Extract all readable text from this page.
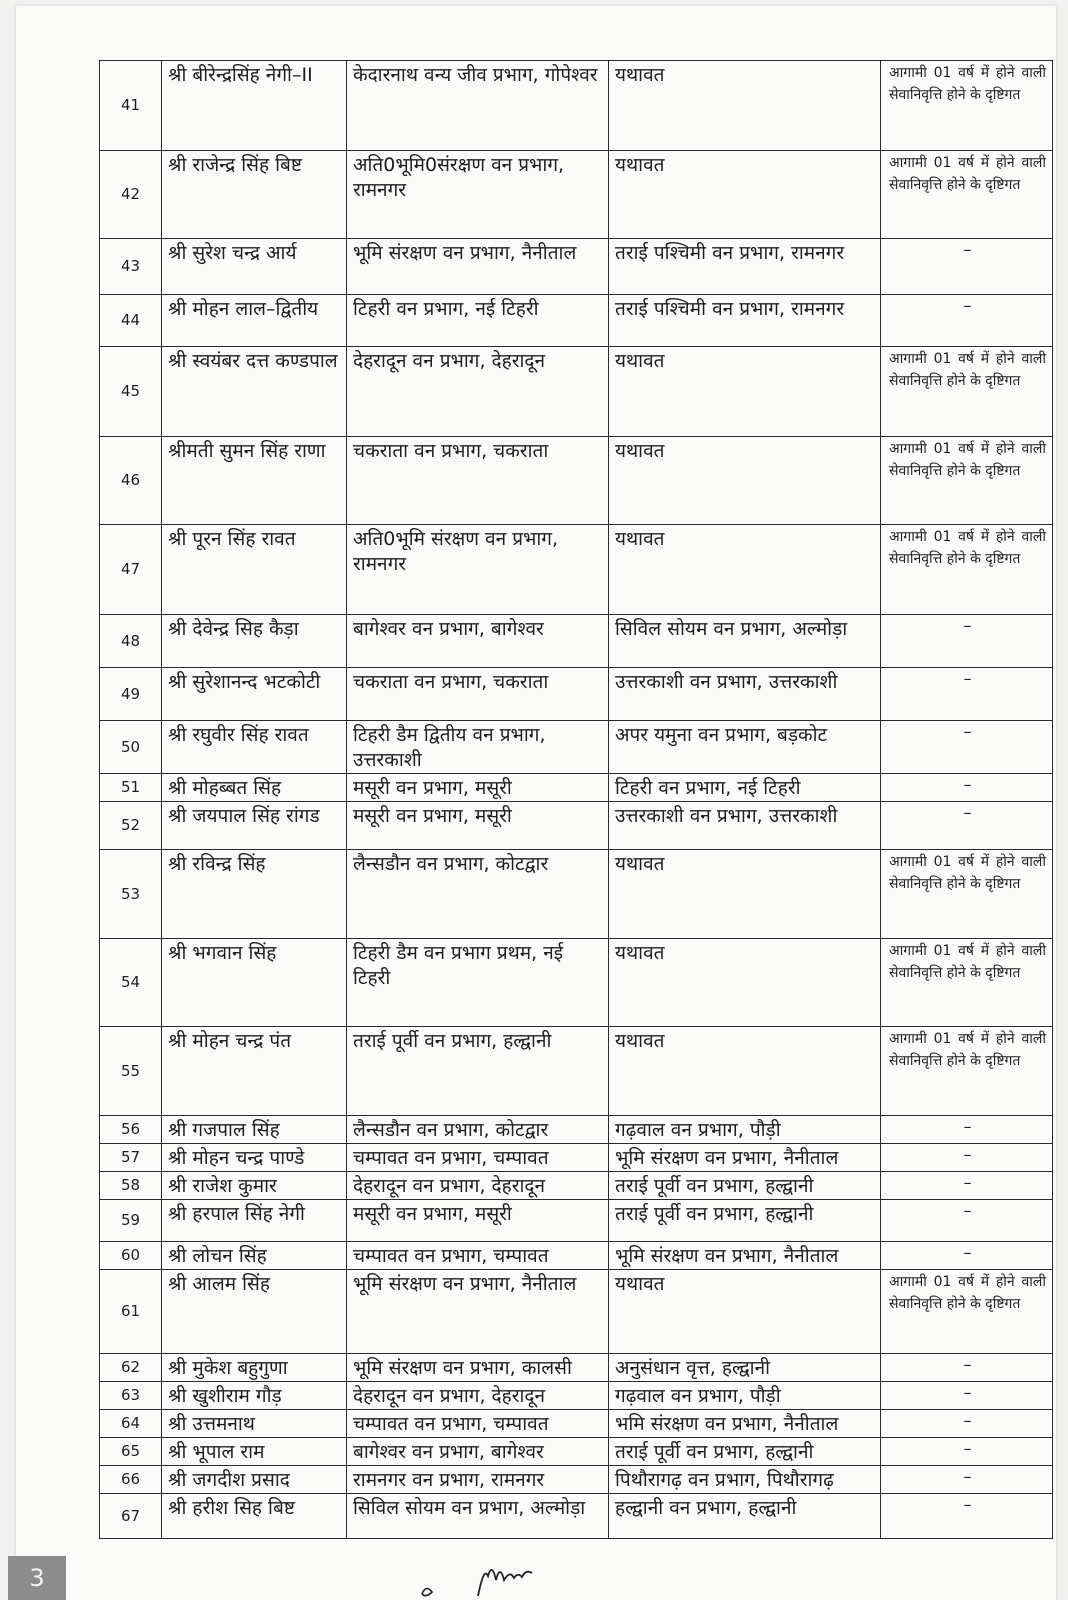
41	श्री बीरेन्द्रसिंह नेगी–II	केदारनाथ वन्य जीव प्रभाग, गोपेश्वर	यथावत	आगामी 01 वर्ष में होने वाली सेवानिवृत्ति होने के दृष्टिगत
42	श्री राजेन्द्र सिंह बिष्ट	अति0भूमि0संरक्षण वन प्रभाग, रामनगर	यथावत	आगामी 01 वर्ष में होने वाली सेवानिवृत्ति होने के दृष्टिगत
43	श्री सुरेश चन्द्र आर्य	भूमि संरक्षण वन प्रभाग, नैनीताल	तराई पश्चिमी वन प्रभाग, रामनगर	–
44	श्री मोहन लाल–द्वितीय	टिहरी वन प्रभाग, नई टिहरी	तराई पश्चिमी वन प्रभाग, रामनगर	–
45	श्री स्वयंबर दत्त कण्डपाल	देहरादून वन प्रभाग, देहरादून	यथावत	आगामी 01 वर्ष में होने वाली सेवानिवृत्ति होने के दृष्टिगत
46	श्रीमती सुमन सिंह राणा	चकराता वन प्रभाग, चकराता	यथावत	आगामी 01 वर्ष में होने वाली सेवानिवृत्ति होने के दृष्टिगत
47	श्री पूरन सिंह रावत	अति0भूमि संरक्षण वन प्रभाग, रामनगर	यथावत	आगामी 01 वर्ष में होने वाली सेवानिवृत्ति होने के दृष्टिगत
48	श्री देवेन्द्र सिह कैड़ा	बागेश्वर वन प्रभाग, बागेश्वर	सिविल सोयम वन प्रभाग, अल्मोड़ा	–
49	श्री सुरेशानन्द भटकोटी	चकराता वन प्रभाग, चकराता	उत्तरकाशी वन प्रभाग, उत्तरकाशी	–
50	श्री रघुवीर सिंह रावत	टिहरी डैम द्वितीय वन प्रभाग, उत्तरकाशी	अपर यमुना वन प्रभाग, बड़कोट	–
51	श्री मोहब्बत सिंह	मसूरी वन प्रभाग, मसूरी	टिहरी वन प्रभाग, नई टिहरी	–
52	श्री जयपाल सिंह रांगड	मसूरी वन प्रभाग, मसूरी	उत्तरकाशी वन प्रभाग, उत्तरकाशी	–
53	श्री रविन्द्र सिंह	लैन्सडौन वन प्रभाग, कोटद्वार	यथावत	आगामी 01 वर्ष में होने वाली सेवानिवृत्ति होने के दृष्टिगत
54	श्री भगवान सिंह	टिहरी डैम वन प्रभाग प्रथम, नई टिहरी	यथावत	आगामी 01 वर्ष में होने वाली सेवानिवृत्ति होने के दृष्टिगत
55	श्री मोहन चन्द्र पंत	तराई पूर्वी वन प्रभाग, हल्द्वानी	यथावत	आगामी 01 वर्ष में होने वाली सेवानिवृत्ति होने के दृष्टिगत
56	श्री गजपाल सिंह	लैन्सडौन वन प्रभाग, कोटद्वार	गढ़वाल वन प्रभाग, पौड़ी	–
57	श्री मोहन चन्द्र पाण्डे	चम्पावत वन प्रभाग, चम्पावत	भूमि संरक्षण वन प्रभाग, नैनीताल	–
58	श्री राजेश कुमार	देहरादून वन प्रभाग, देहरादून	तराई पूर्वी वन प्रभाग, हल्द्वानी	–
59	श्री हरपाल सिंह नेगी	मसूरी वन प्रभाग, मसूरी	तराई पूर्वी वन प्रभाग, हल्द्वानी	–
60	श्री लोचन सिंह	चम्पावत वन प्रभाग, चम्पावत	भूमि संरक्षण वन प्रभाग, नैनीताल	–
61	श्री आलम सिंह	भूमि संरक्षण वन प्रभाग, नैनीताल	यथावत	आगामी 01 वर्ष में होने वाली सेवानिवृत्ति होने के दृष्टिगत
62	श्री मुकेश बहुगुणा	भूमि संरक्षण वन प्रभाग, कालसी	अनुसंधान वृत्त, हल्द्वानी	–
63	श्री खुशीराम गौड़	देहरादून वन प्रभाग, देहरादून	गढ़वाल वन प्रभाग, पौड़ी	–
64	श्री उत्तमनाथ	चम्पावत वन प्रभाग, चम्पावत	भमि संरक्षण वन प्रभाग, नैनीताल	–
65	श्री भूपाल राम	बागेश्वर वन प्रभाग, बागेश्वर	तराई पूर्वी वन प्रभाग, हल्द्वानी	–
66	श्री जगदीश प्रसाद	रामनगर वन प्रभाग, रामनगर	पिथौरागढ़ वन प्रभाग, पिथौरागढ़	–
67	श्री हरीश सिह बिष्ट	सिविल सोयम वन प्रभाग, अल्मोड़ा	हल्द्वानी वन प्रभाग, हल्द्वानी	–
3
